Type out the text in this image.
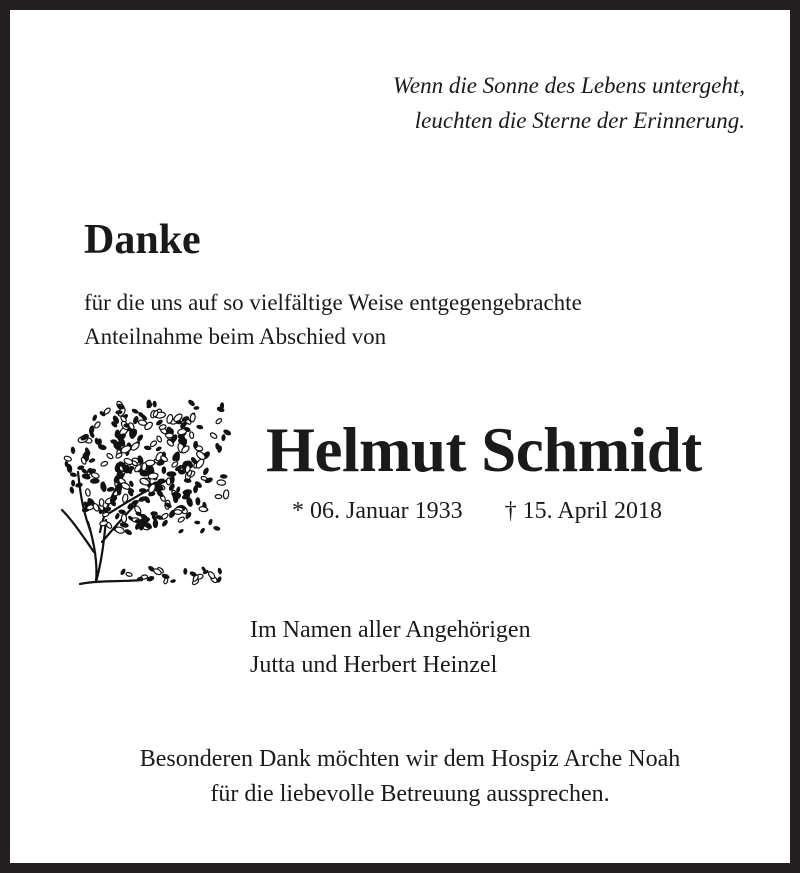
Wenn die Sonne des Lebens untergeht,
leuchten die Sterne der Erinnerung.
Danke
für die uns auf so vielfältige Weise entgegengebrachte
Anteilnahme beim Abschied von
Helmut Schmidt
* 06. Januar 1933 † 15. April 2018
Im Namen aller Angehörigen
Jutta und Herbert Heinzel
Besonderen Dank möchten wir dem Hospiz Arche Noah
für die liebevolle Betreuung aussprechen.
